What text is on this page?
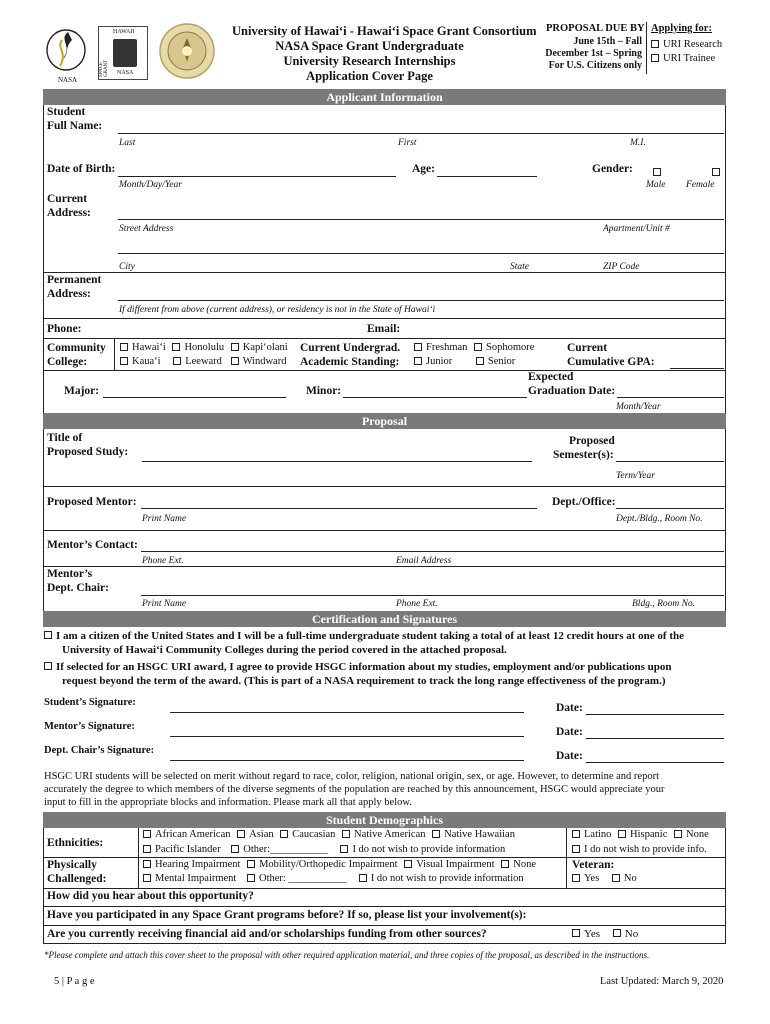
NASA
HAWAII
SPACE GRANT NASA
University of Hawai‘i - Hawai‘i Space Grant Consortium
NASA Space Grant Undergraduate
University Research Internships
Application Cover Page
PROPOSAL DUE BY
June 15th – Fall
December 1st – Spring
For U.S. Citizens only
Applying for:
URI Research
URI Trainee
Applicant Information
Student
Full Name:
Last	First	M.I.
Date of Birth:	Age:	Gender:

Month/Day/Year	Male Female
Current
Address:
Street Address	Apartment/Unit #
City	State	ZIP Code
Permanent
Address:
If different from above (current address), or residency is not in the State of Hawai‘i
Phone:	Email:
Community
College:
Hawai‘i Honolulu Kapi‘olani
Kaua‘i Leeward Windward
Current Undergrad.
Academic Standing:
Freshman Sophomore
Junior	Senior
Current
Cumulative GPA:
Major:	Minor:
Expected
Graduation Date:
Month/Year
Proposal
Title of
Proposed Study:
Proposed
Semester(s):
Term/Year
Proposed Mentor:	Dept./Office:
Print Name	Dept./Bldg., Room No.
Mentor’s Contact:
Phone Ext.	Email Address
Mentor’s
Dept. Chair:
Print Name	Phone Ext.	Bldg., Room No.
Certification and Signatures
I am a citizen of the United States and I will be a full-time undergraduate student taking a total of at least 12 credit hours at one of the
University of Hawai‘i Community Colleges during the period covered in the attached proposal.
If selected for an HSGC URI award, I agree to provide HSGC information about my studies, employment and/or publications upon
request beyond the term of the award. (This is part of a NASA requirement to track the long range effectiveness of the program.)
Student’s Signature:	Date:
Mentor’s Signature:	Date:
Dept. Chair’s Signature:	Date:
HSGC URI students will be selected on merit without regard to race, color, religion, national origin, sex, or age. However, to determine and report
accurately the degree to which members of the diverse segments of the population are reached by this announcement, HSGC would appreciate your
input to fill in the appropriate blocks and information. Please mark all that apply below.
Student Demographics
Ethnicities:
African American Asian Caucasian Native American Native Hawaiian
Pacific Islander Other:___________ I do not wish to provide information
Latino Hispanic None
I do not wish to provide info.
Physically
Challenged:
Hearing Impairment Mobility/Orthopedic Impairment Visual Impairment None
Mental Impairment Other: ___________ I do not wish to provide information
Veteran:
Yes No
How did you hear about this opportunity?
Have you participated in any Space Grant programs before? If so, please list your involvement(s):
Are you currently receiving financial aid and/or scholarships funding from other sources?	Yes No
*Please complete and attach this cover sheet to the proposal with other required application material, and three copies of the proposal, as described in the instructions.
5 | P a g e	Last Updated: March 9, 2020
